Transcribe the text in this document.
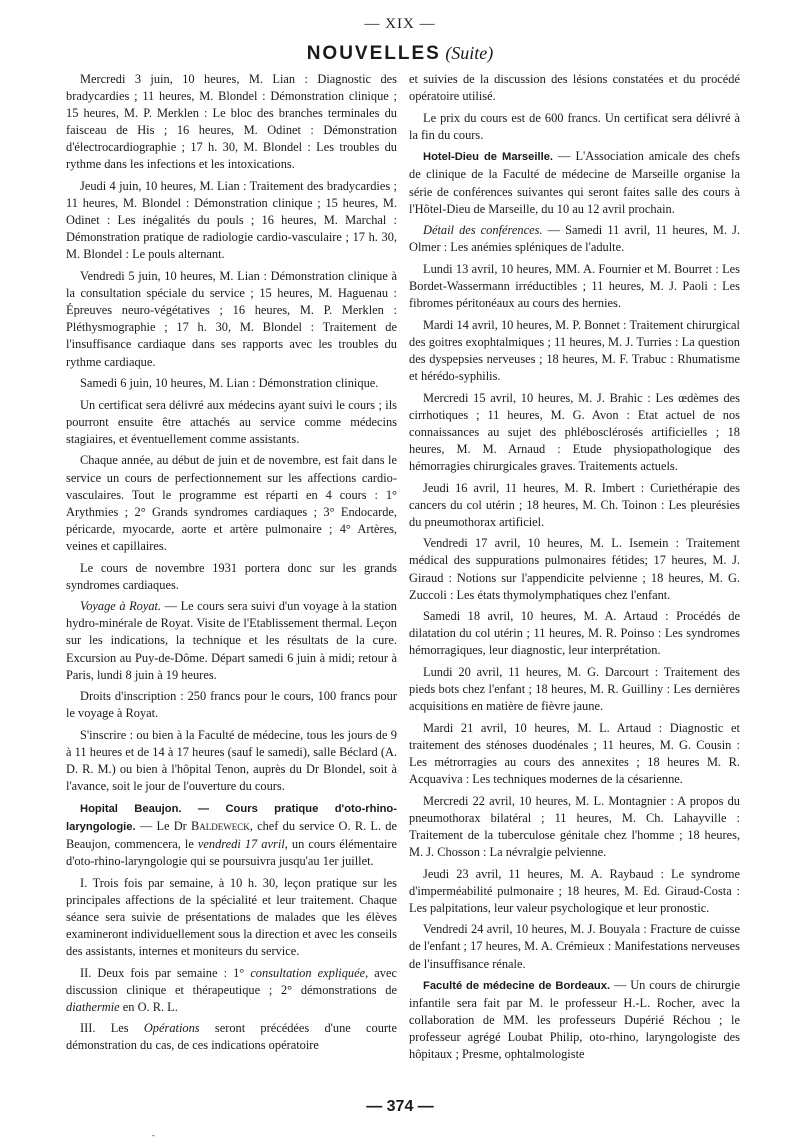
— XIX —
NOUVELLES (Suite)

Mercredi 3 juin, 10 heures, M. Lian : Diagnostic des bradycardies ; 11 heures, M. Blondel : Démonstration clinique ; 15 heures, M. P. Merklen : Le bloc des branches terminales du faisceau de His ; 16 heures, M. Odinet : Démonstration d'électrocardiographie ; 17 h. 30, M. Blondel : Les troubles du rythme dans les infections et les intoxications.

Jeudi 4 juin, 10 heures, M. Lian : Traitement des bradycardies ; 11 heures, M. Blondel : Démonstration clinique ; 15 heures, M. Odinet : Les inégalités du pouls ; 16 heures, M. Marchal : Démonstration pratique de radiologie cardio-vasculaire ; 17 h. 30, M. Blondel : Le pouls alternant.

Vendredi 5 juin, 10 heures, M. Lian : Démonstration clinique à la consultation spéciale du service ; 15 heures, M. Haguenau : Épreuves neuro-végétatives ; 16 heures, M. P. Merklen : Pléthysmographie ; 17 h. 30, M. Blondel : Traitement de l'insuffisance cardiaque dans ses rapports avec les troubles du rythme cardiaque.

Samedi 6 juin, 10 heures, M. Lian : Démonstration clinique.

Un certificat sera délivré aux médecins ayant suivi le cours ; ils pourront ensuite être attachés au service comme médecins stagiaires, et éventuellement comme assistants.

Chaque année, au début de juin et de novembre, est fait dans le service un cours de perfectionnement sur les affections cardio-vasculaires. Tout le programme est réparti en 4 cours : 1° Arythmies ; 2° Grands syndromes cardiaques ; 3° Endocarde, péricarde, myocarde, aorte et artère pulmonaire ; 4° Artères, veines et capillaires.

Le cours de novembre 1931 portera donc sur les grands syndromes cardiaques.

Voyage à Royat. — Le cours sera suivi d'un voyage à la station hydro-minérale de Royat. Visite de l'Etablissement thermal. Leçon sur les indications, la technique et les résultats de la cure. Excursion au Puy-de-Dôme. Départ samedi 6 juin à midi; retour à Paris, lundi 8 juin à 19 heures.

Droits d'inscription : 250 francs pour le cours, 100 francs pour le voyage à Royat.

S'inscrire : ou bien à la Faculté de médecine, tous les jours de 9 à 11 heures et de 14 à 17 heures (sauf le samedi), salle Béclard (A. D. R. M.) ou bien à l'hôpital Tenon, auprès du Dr Blondel, soit à l'avance, soit le jour de l'ouverture du cours.

Hopital Beaujon. — Cours pratique d'oto-rhino-laryngologie. — Le Dr Baldeweck, chef du service O. R. L. de Beaujon, commencera, le vendredi 17 avril, un cours élémentaire d'oto-rhino-laryngologie qui se poursuivra jusqu'au 1er juillet.

I. Trois fois par semaine, à 10 h. 30, leçon pratique sur les principales affections de la spécialité et leur traitement. Chaque séance sera suivie de présentations de malades que les élèves examineront individuellement sous la direction et avec les conseils des assistants, internes et moniteurs du service.

II. Deux fois par semaine : 1° consultation expliquée, avec discussion clinique et thérapeutique ; 2° démonstrations de diathermie en O. R. L.

III. Les Opérations seront précédées d'une courte démonstration du cas, de ces indications opératoire

et suivies de la discussion des lésions constatées et du procédé opératoire utilisé.

Le prix du cours est de 600 francs. Un certificat sera délivré à la fin du cours.

Hotel-Dieu de Marseille. — L'Association amicale des chefs de clinique de la Faculté de médecine de Marseille organise la série de conférences suivantes qui seront faites salle des cours à l'Hôtel-Dieu de Marseille, du 10 au 12 avril prochain.

Détail des conférences. — Samedi 11 avril, 11 heures, M. J. Olmer : Les anémies spléniques de l'adulte.

Lundi 13 avril, 10 heures, MM. A. Fournier et M. Bourret : Les Bordet-Wassermann irréductibles ; 11 heures, M. J. Paoli : Les fibromes péritonéaux au cours des hernies.

Mardi 14 avril, 10 heures, M. P. Bonnet : Traitement chirurgical des goitres exophtalmiques ; 11 heures, M. J. Turries : La question des dyspepsies nerveuses ; 18 heures, M. F. Trabuc : Rhumatisme et hérédo-syphilis.

Mercredi 15 avril, 10 heures, M. J. Brahic : Les œdèmes des cirrhotiques ; 11 heures, M. G. Avon : Etat actuel de nos connaissances au sujet des phlébosclérosés artificielles ; 18 heures, M. M. Arnaud : Etude physiopathologique des hémorragies chirurgicales graves. Traitements actuels.

Jeudi 16 avril, 11 heures, M. R. Imbert : Curiethérapie des cancers du col utérin ; 18 heures, M. Ch. Toinon : Les pleurésies du pneumothorax artificiel.

Vendredi 17 avril, 10 heures, M. L. Isemein : Traitement médical des suppurations pulmonaires fétides; 17 heures, M. J. Giraud : Notions sur l'appendicite pelvienne ; 18 heures, M. G. Zuccoli : Les états thymolymphatiques chez l'enfant.

Samedi 18 avril, 10 heures, M. A. Artaud : Procédés de dilatation du col utérin ; 11 heures, M. R. Poinso : Les syndromes hémorragiques, leur diagnostic, leur interprétation.

Lundi 20 avril, 11 heures, M. G. Darcourt : Traitement des pieds bots chez l'enfant ; 18 heures, M. R. Guilliny : Les dernières acquisitions en matière de fièvre jaune.

Mardi 21 avril, 10 heures, M. L. Artaud : Diagnostic et traitement des sténoses duodénales ; 11 heures, M. G. Cousin : Les métrorragies au cours des annexites ; 18 heures M. R. Acquaviva : Les techniques modernes de la césarienne.

Mercredi 22 avril, 10 heures, M. L. Montagnier : A propos du pneumothorax bilatéral ; 11 heures, M. Ch. Lahayville : Traitement de la tuberculose génitale chez l'homme ; 18 heures, M. J. Chosson : La névralgie pelvienne.

Jeudi 23 avril, 11 heures, M. A. Raybaud : Le syndrome d'imperméabilité pulmonaire ; 18 heures, M. Ed. Giraud-Costa : Les palpitations, leur valeur psychologique et leur pronostic.

Vendredi 24 avril, 10 heures, M. J. Bouyala : Fracture de cuisse de l'enfant ; 17 heures, M. A. Crémieux : Manifestations nerveuses de l'insuffisance rénale.

Faculté de médecine de Bordeaux. — Un cours de chirurgie infantile sera fait par M. le professeur H.-L. Rocher, avec la collaboration de MM. les professeurs Dupérié Réchou ; le professeur agrégé Loubat Philip, oto-rhino, laryngologiste des hôpitaux ; Presme, ophtalmologiste

— 374 —
-
